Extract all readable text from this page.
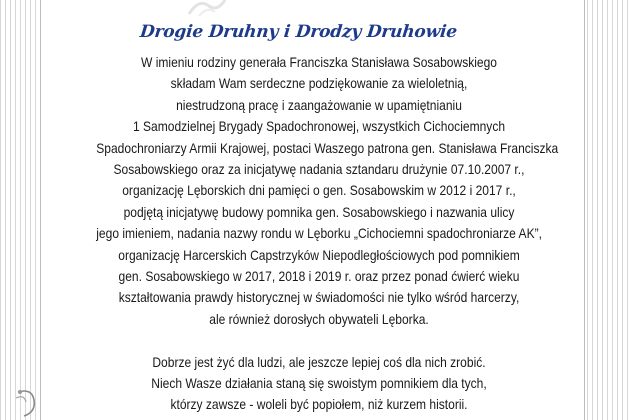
Drogie Druhny i Drodzy Druhowie
W imieniu rodziny generała Franciszka Stanisława Sosabowskiego
składam Wam serdeczne podziękowanie za wieloletnią,
niestrudzoną pracę i zaangażowanie w upamiętnianiu
1 Samodzielnej Brygady Spadochronowej, wszystkich Cichociemnych
Spadochroniarzy Armii Krajowej, postaci Waszego patrona gen. Stanisława Franciszka
Sosabowskiego oraz za inicjatywę nadania sztandaru drużynie 07.10.2007 r.,
organizację Lęborskich dni pamięci o gen. Sosabowskim w 2012 i 2017 r.,
podjętą inicjatywę budowy pomnika gen. Sosabowskiego i nazwania ulicy
jego imieniem, nadania nazwy rondu w Lęborku „Cichociemni spadochroniarze AK”,
organizację Harcerskich Capstrzyków Niepodległościowych pod pomnikiem
gen. Sosabowskiego w 2017, 2018 i 2019 r. oraz przez ponad ćwierć wieku
kształtowania prawdy historycznej w świadomości nie tylko wśród harcerzy,
ale również dorosłych obywateli Lęborka.
Dobrze jest żyć dla ludzi, ale jeszcze lepiej coś dla nich zrobić.
Niech Wasze działania staną się swoistym pomnikiem dla tych,
którzy zawsze - woleli być popiołem, niż kurzem historii.
